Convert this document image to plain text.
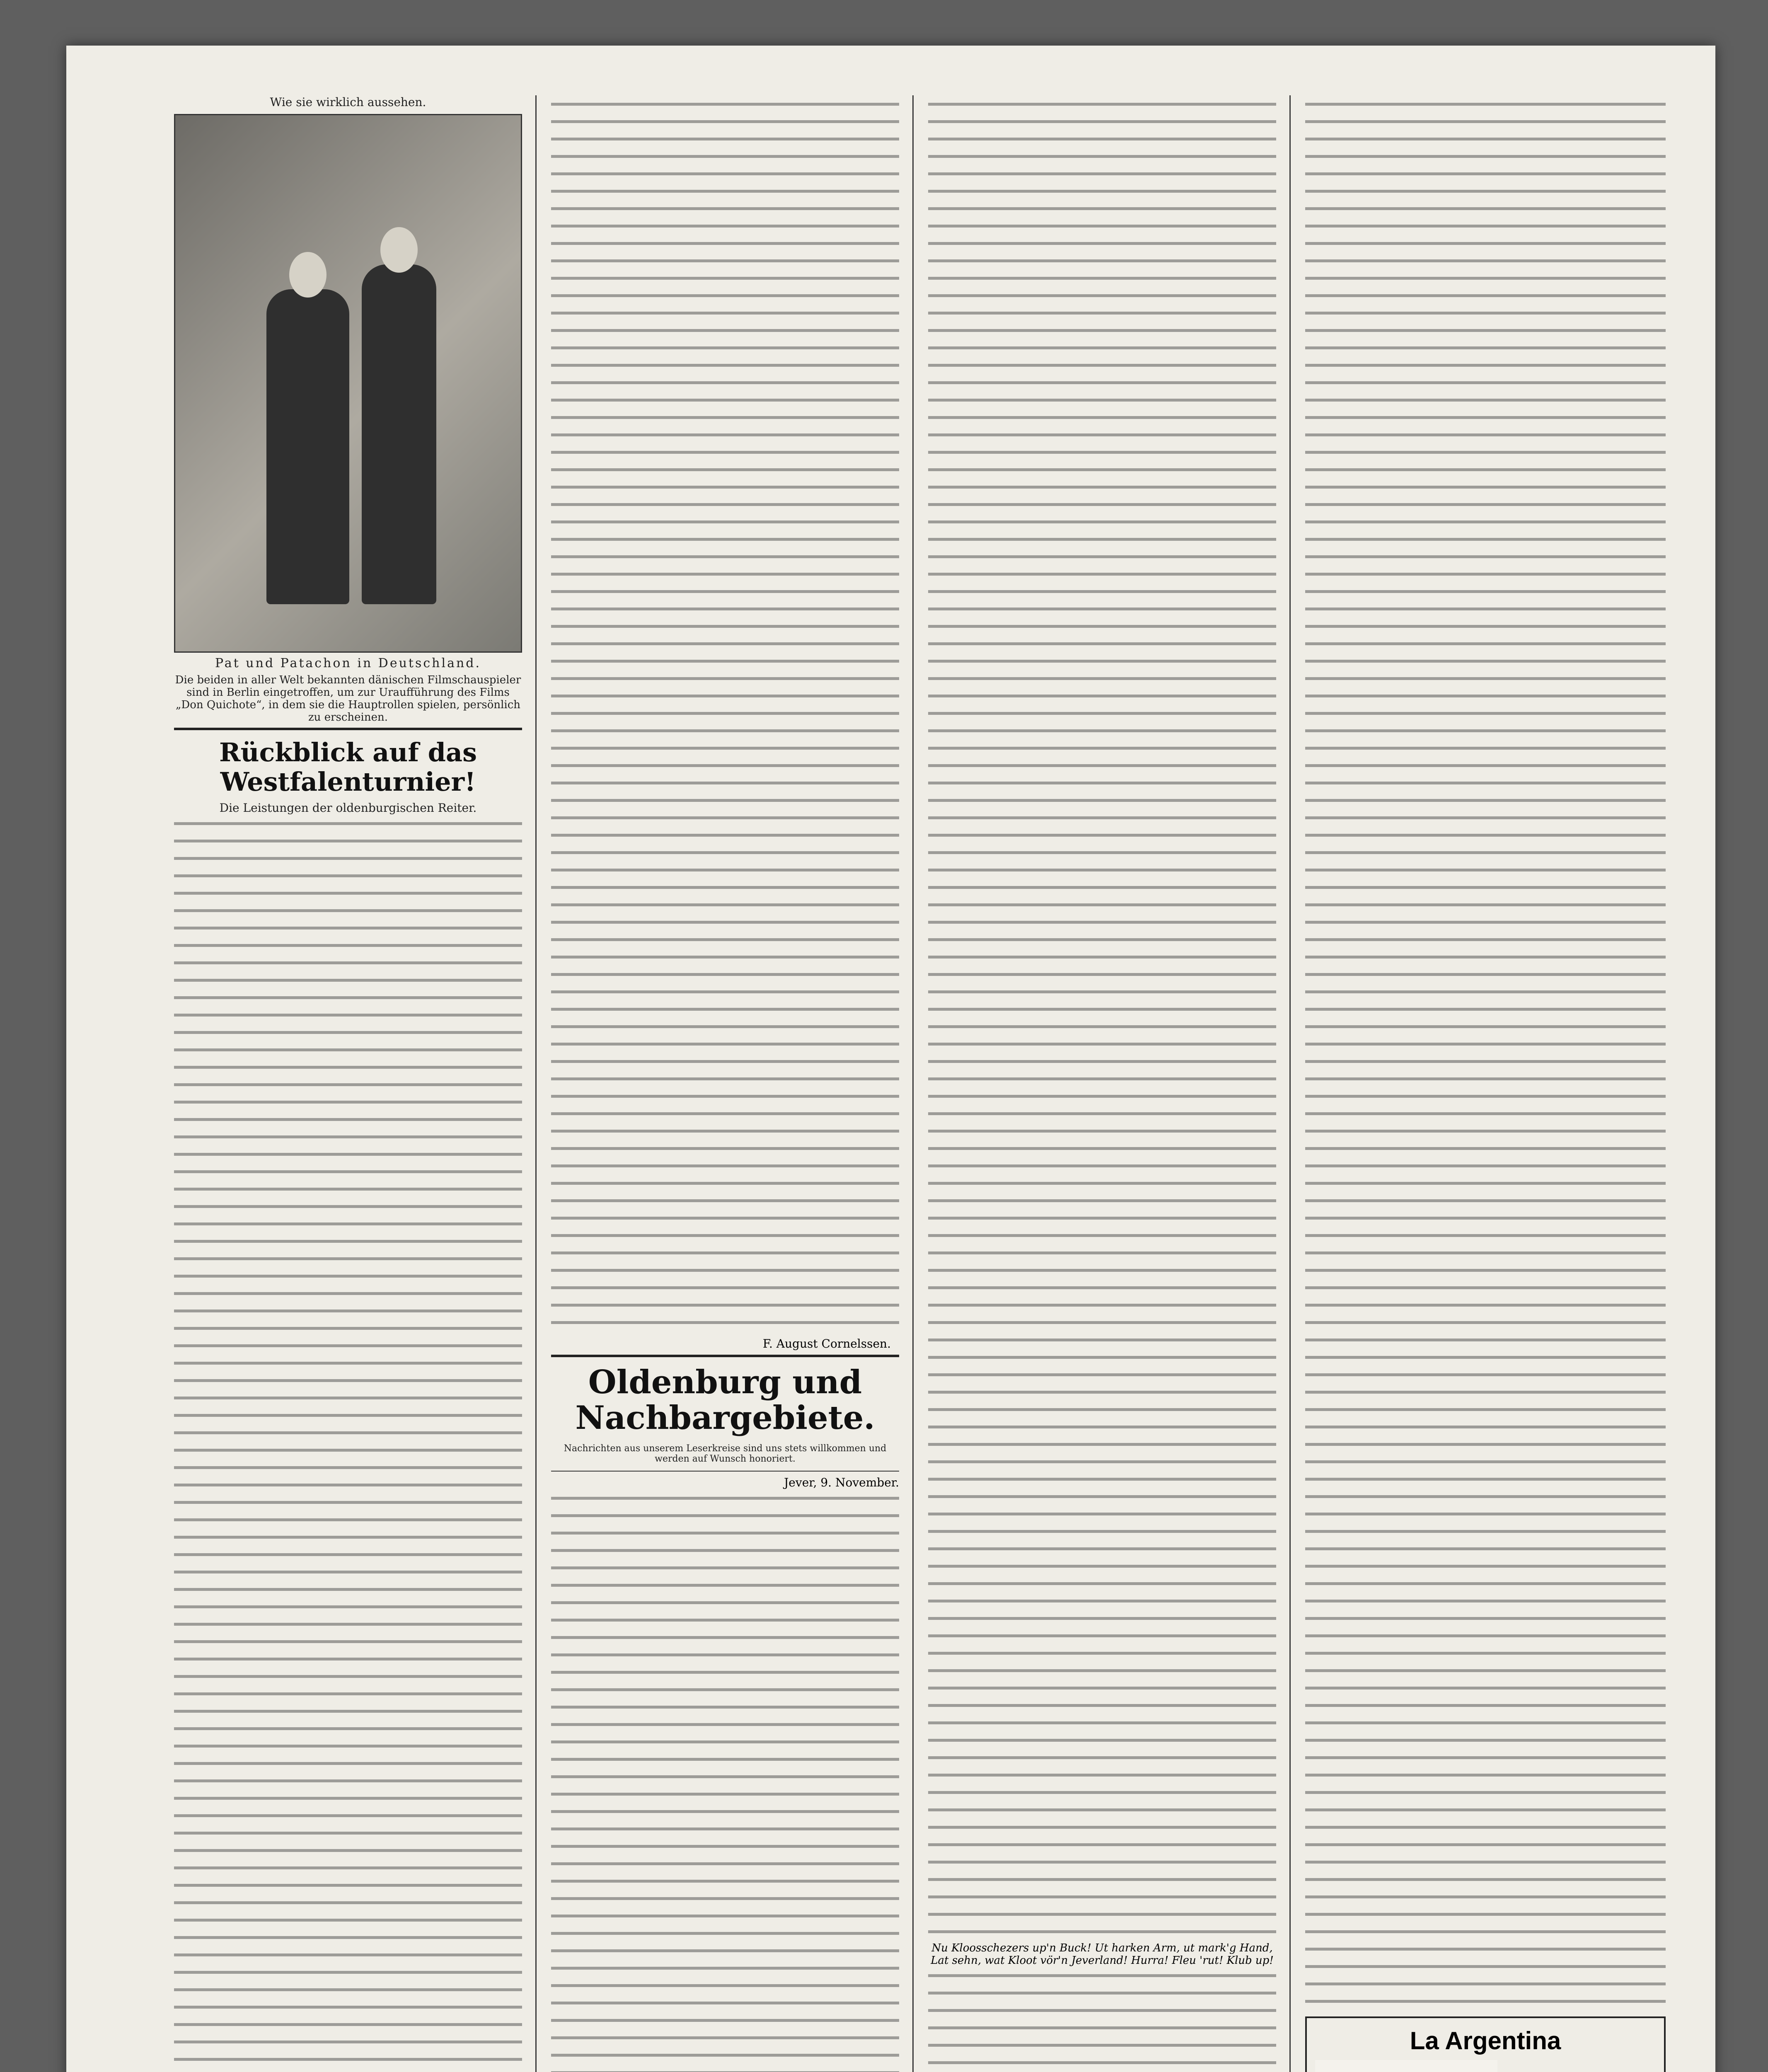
Wie sie wirklich aussehen.
Pat und Patachon in Deutschland.
Die beiden in aller Welt bekannten dänischen Filmschauspieler sind in Berlin eingetroffen, um zur Uraufführung des Films „Don Quichote“, in dem sie die Hauptrollen spielen, persönlich zu erscheinen.
Rückblick auf das Westfalenturnier!
Die Leistungen der oldenburgischen Reiter.
F. August Cornelssen.
Oldenburg und Nachbargebiete.
Nachrichten aus unserem Leserkreise sind uns stets willkommen und werden auf Wunsch honoriert.
Jever, 9. November.
Nu Kloosschezers up'n Buck! Ut harken Arm, ut mark'g Hand, Lat sehn, wat Kloot vör'n Jeverland! Hurra! Fleu 'rut! Klub up!
La Argentina
